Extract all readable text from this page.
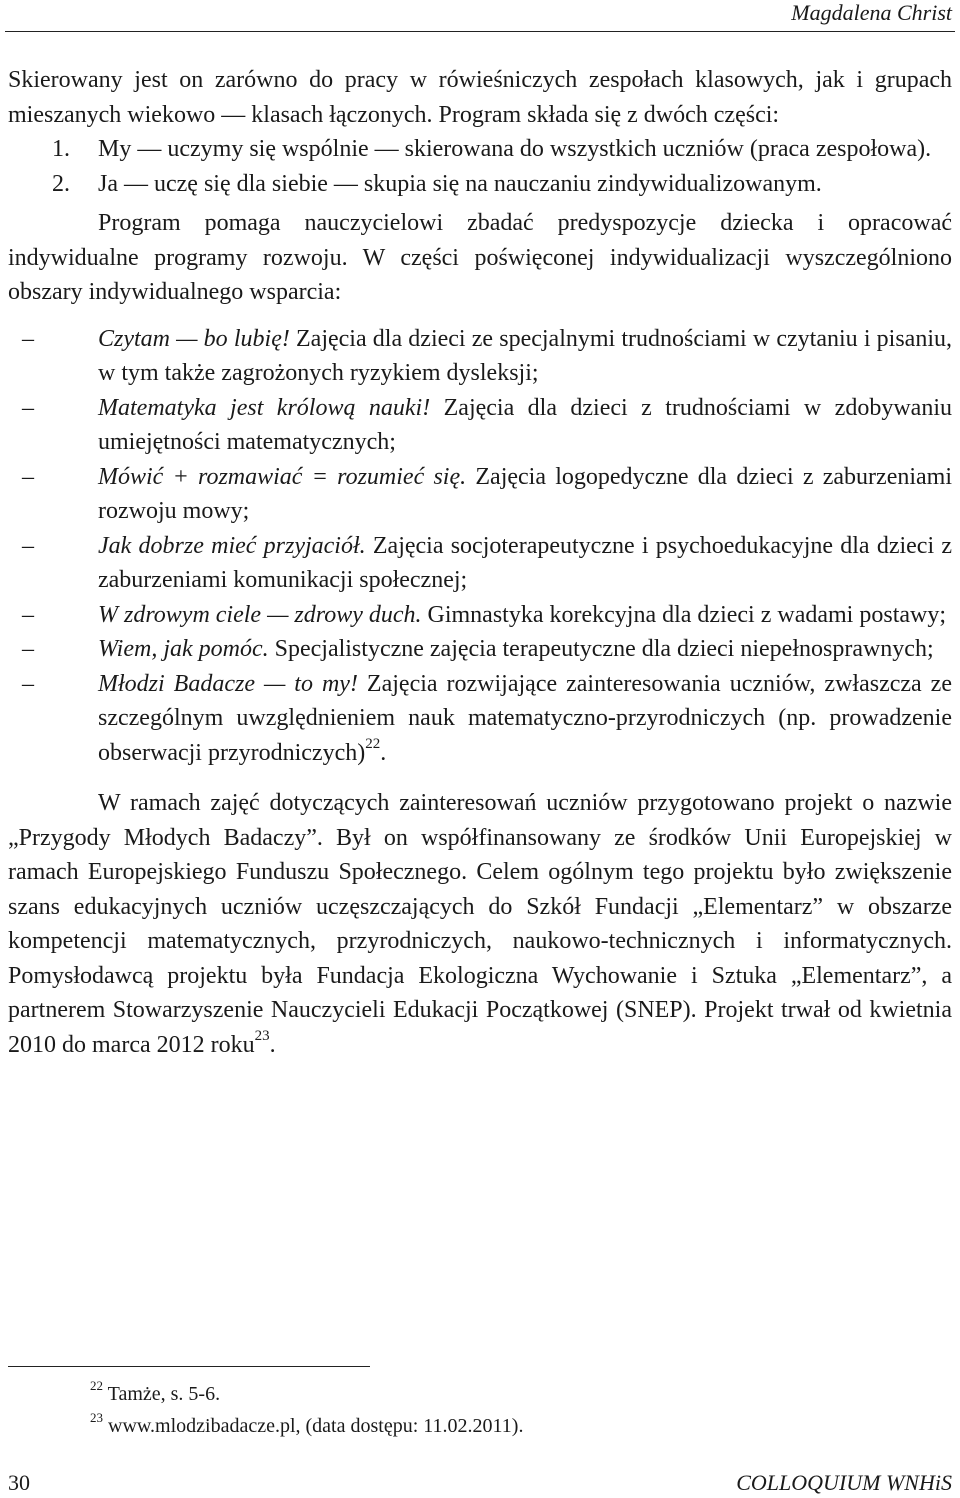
Magdalena Christ

Skierowany jest on zarówno do pracy w rówieśniczych zespołach klasowych, jak i grupach mieszanych wiekowo — klasach łączonych. Program składa się z dwóch części:

1. My — uczymy się wspólnie — skierowana do wszystkich uczniów (praca zespołowa).
2. Ja — uczę się dla siebie — skupia się na nauczaniu zindywidualizowanym.

Program pomaga nauczycielowi zbadać predyspozycje dziecka i opracować indywidualne programy rozwoju. W części poświęconej indywidualizacji wyszczególniono obszary indywidualnego wsparcia:

–	Czytam — bo lubię! Zajęcia dla dzieci ze specjalnymi trudnościami w czytaniu i pisaniu, w tym także zagrożonych ryzykiem dysleksji;
–	Matematyka jest królową nauki! Zajęcia dla dzieci z trudnościami w zdobywaniu umiejętności matematycznych;
–	Mówić + rozmawiać = rozumieć się. Zajęcia logopedyczne dla dzieci z zaburzeniami rozwoju mowy;
–	Jak dobrze mieć przyjaciół. Zajęcia socjoterapeutyczne i psychoedukacyjne dla dzieci z zaburzeniami komunikacji społecznej;
–	W zdrowym ciele — zdrowy duch. Gimnastyka korekcyjna dla dzieci z wadami postawy;
–	Wiem, jak pomóc. Specjalistyczne zajęcia terapeutyczne dla dzieci niepełnosprawnych;
–	Młodzi Badacze — to my! Zajęcia rozwijające zainteresowania uczniów, zwłaszcza ze szczególnym uwzględnieniem nauk matematyczno-przyrodniczych (np. prowadzenie obserwacji przyrodniczych)$^{22}$.

W ramach zajęć dotyczących zainteresowań uczniów przygotowano projekt o nazwie „Przygody Młodych Badaczy”. Był on współfinansowany ze środków Unii Europejskiej w ramach Europejskiego Funduszu Społecznego. Celem ogólnym tego projektu było zwiększenie szans edukacyjnych uczniów uczęszczających do Szkół Fundacji „Elementarz” w obszarze kompetencji matematycznych, przyrodniczych, naukowo-technicznych i informatycznych. Pomysłodawcą projektu była Fundacja Ekologiczna Wychowanie i Sztuka „Elementarz”, a partnerem Stowarzyszenie Nauczycieli Edukacji Początkowej (SNEP). Projekt trwał od kwietnia 2010 do marca 2012 roku$^{23}$.

$^{22}$ Tamże, s. 5-6.
$^{23}$ www.mlodzibadacze.pl, (data dostępu: 11.02.2011).
30	COLLOQUIUM WNHiS
